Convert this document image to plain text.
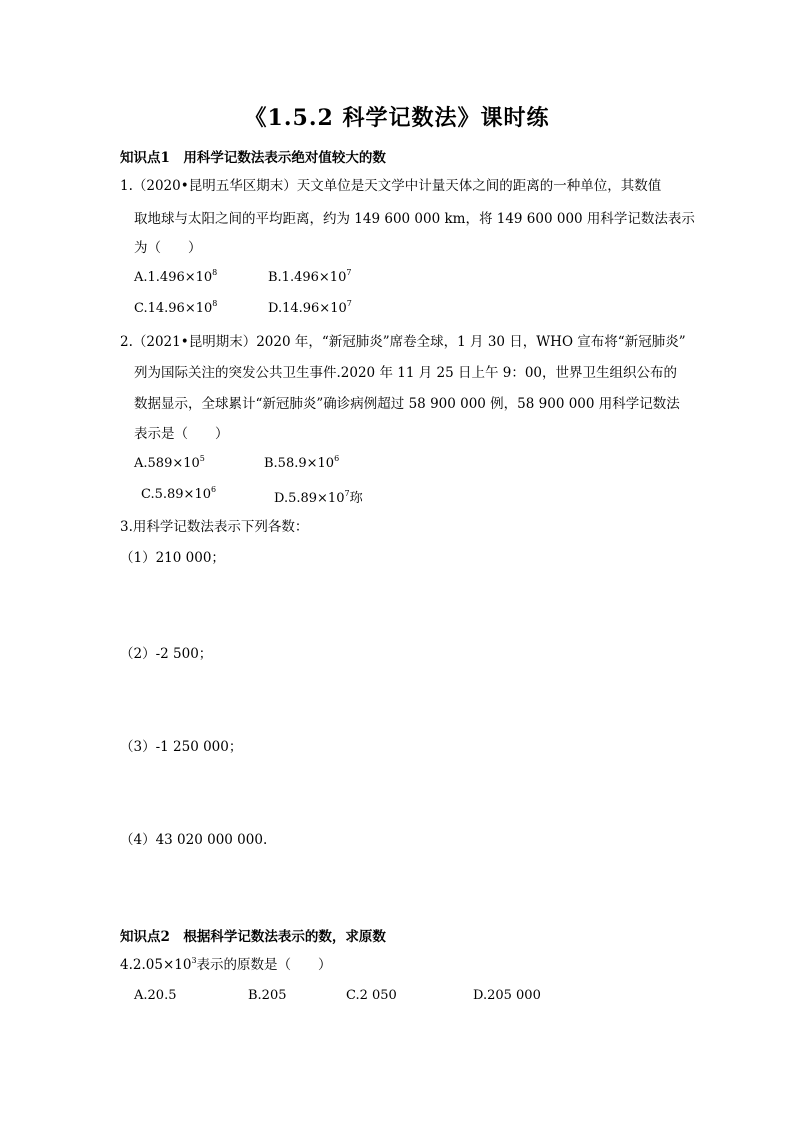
《1.5.2 科学记数法》课时练
知识点1　用科学记数法表示绝对值较大的数
1.（2020•昆明五华区期末）天文单位是天文学中计量天体之间的距离的一种单位，其数值
取地球与太阳之间的平均距离，约为 149 600 000 km，将 149 600 000 用科学记数法表示
为（　　）
$A.1.496\times 10^8$	$B.1.496\times 10^7$
$C.14.96\times 10^8$	$D.14.96\times 10^7$
2.（2021•昆明期末）2020 年，“新冠肺炎”席卷全球，1 月 30 日，WHO 宣布将“新冠肺炎”
列为国际关注的突发公共卫生事件.2020 年 11 月 25 日上午 9：00，世界卫生组织公布的
数据显示，全球累计“新冠肺炎”确诊病例超过 58 900 000 例，58 900 000 用科学记数法
表示是（　　）
$A.589\times 10^5$	$B.58.9\times 10^6$
$C.5.89\times 10^6$
$D.5.89\times 10^7$珎
3.用科学记数法表示下列各数：
（1）210 000；
（2）-2 500；
（3）-1 250 000；
（4）43 020 000 000.
知识点2　根据科学记数法表示的数，求原数
$4.2.05\times 10^3$表示的原数是（　　）
A.20.5	B.205	C.2 050	D.205 000
